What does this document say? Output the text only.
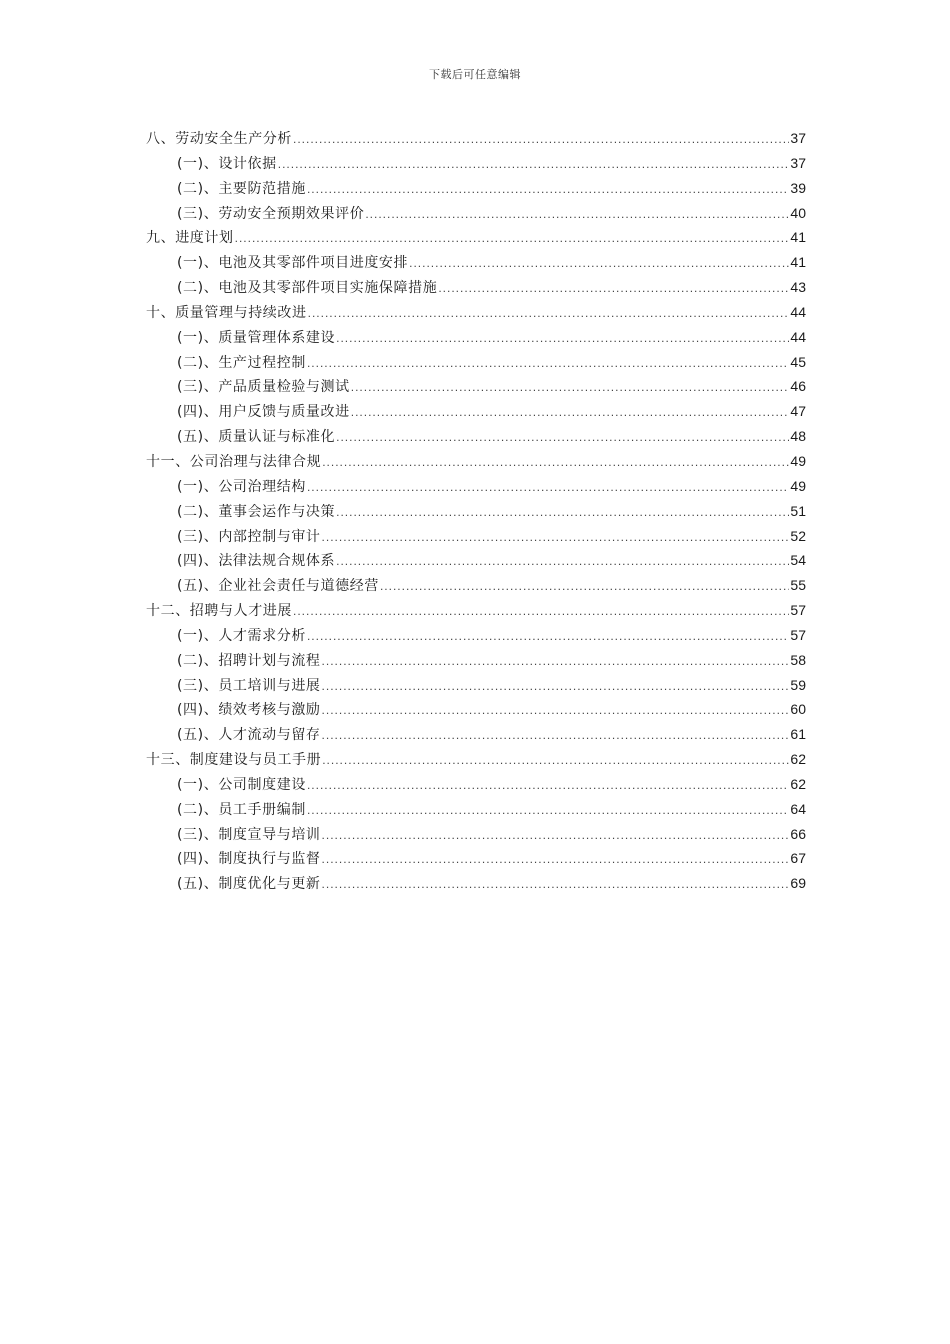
下载后可任意编辑
八、劳动安全生产分析 .....	37
(一)、设计依据 .....	37
(二)、主要防范措施 .....	39
(三)、劳动安全预期效果评价 .....	40
九、进度计划 .....	41
(一)、电池及其零部件项目进度安排 .....	41
(二)、电池及其零部件项目实施保障措施 .....	43
十、质量管理与持续改进 .....	44
(一)、质量管理体系建设 .....	44
(二)、生产过程控制 .....	45
(三)、产品质量检验与测试 .....	46
(四)、用户反馈与质量改进 .....	47
(五)、质量认证与标准化 .....	48
十一、公司治理与法律合规 .....	49
(一)、公司治理结构 .....	49
(二)、董事会运作与决策 .....	51
(三)、内部控制与审计 .....	52
(四)、法律法规合规体系 .....	54
(五)、企业社会责任与道德经营 .....	55
十二、招聘与人才进展 .....	57
(一)、人才需求分析 .....	57
(二)、招聘计划与流程 .....	58
(三)、员工培训与进展 .....	59
(四)、绩效考核与激励 .....	60
(五)、人才流动与留存 .....	61
十三、制度建设与员工手册 .....	62
(一)、公司制度建设 .....	62
(二)、员工手册编制 .....	64
(三)、制度宣导与培训 .....	66
(四)、制度执行与监督 .....	67
(五)、制度优化与更新 .....	69
